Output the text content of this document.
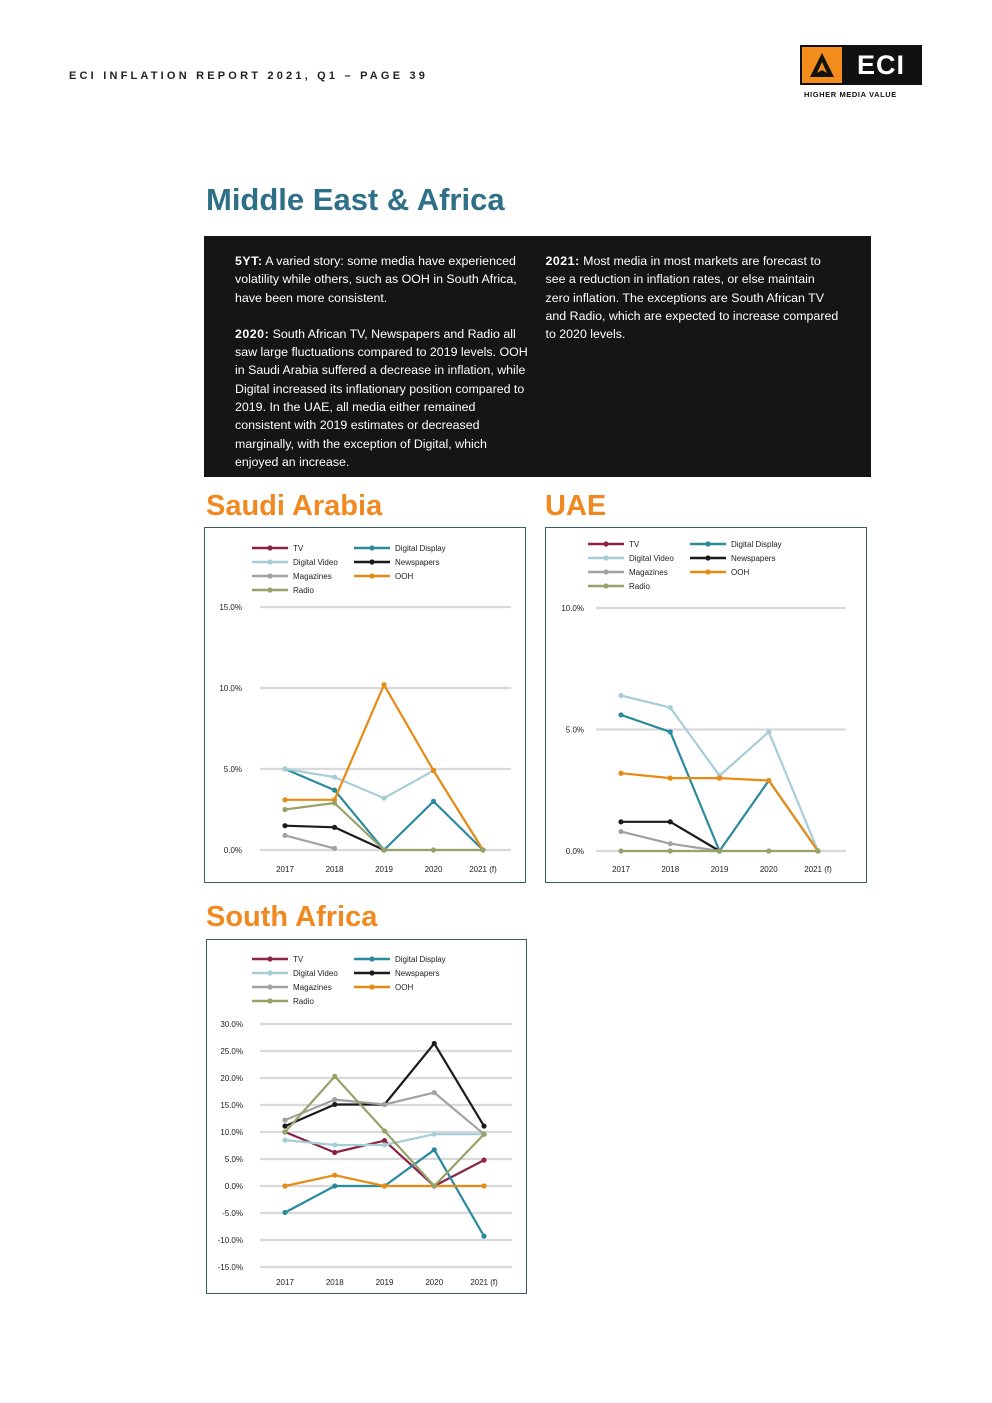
ECI INFLATION REPORT 2021, Q1 – PAGE 39	ECI
HIGHER MEDIA VALUE
Middle East & Africa

5YT: A varied story: some media have experienced volatility while others, such as OOH in South Africa, have been more consistent.

2020: South African TV, Newspapers and Radio all saw large fluctuations compared to 2019 levels. OOH in Saudi Arabia suffered a decrease in inflation, while Digital increased its inflationary position compared to 2019. In the UAE, all media either remained consistent with 2019 estimates or decreased marginally, with the exception of Digital, which enjoyed an increase.

2021: Most media in most markets are forecast to see a reduction in inflation rates, or else maintain zero inflation. The exceptions are South African TV and Radio, which are expected to increase compared to 2020 levels.

Saudi Arabia	UAE
South Africa
TV	Digital Display
Digital Video	Newspapers
Magazines	OOH
Radio
0.0%
5.0%
10.0%
15.0%
2017	2018	2019	2020	2021 (f)
TV	Digital Display
Digital Video	Newspapers
Magazines	OOH
Radio
0.0%
5.0%
10.0%
2017	2018	2019	2020	2021 (f)
TV	Digital Display
Digital Video	Newspapers
Magazines	OOH
Radio
-15.0%
-10.0%
-5.0%
0.0%
5.0%
10.0%
15.0%
20.0%
25.0%
30.0%
2017	2018	2019	2020	2021 (f)
